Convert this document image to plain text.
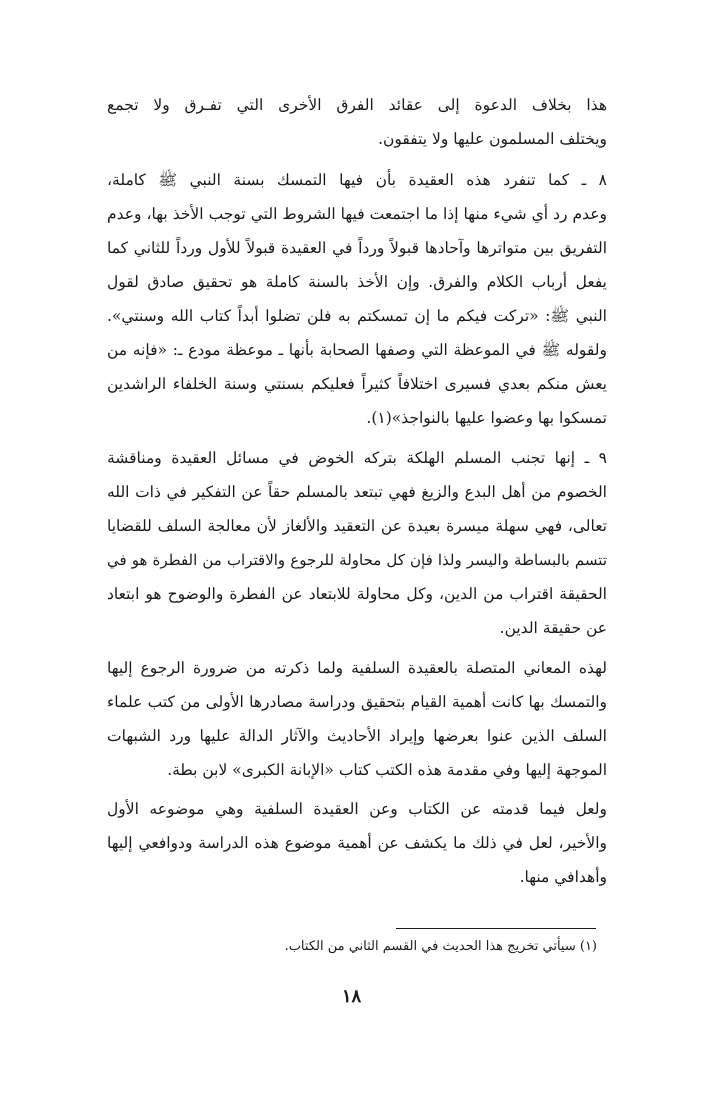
هذا بخلاف الدعوة إلى عقائد الفرق الأخرى التي تفـرق ولا تجمع
ويختلف المسلمون عليها ولا يتفقون.
٨ ـ كما تنفرد هذه العقيدة بأن فيها التمسك بسنة النبي ﷺ كاملة،
وعدم رد أي شيء منها إذا ما اجتمعت فيها الشروط التي توجب الأخذ بها، وعدم
التفريق بين متواترها وآحادها قبولاً ورداً في العقيدة قبولاً للأول ورداً للثاني كما
يفعل أرباب الكلام والفرق. وإن الأخذ بالسنة كاملة هو تحقيق صادق لقول
النبي ﷺ: «تركت فيكم ما إن تمسكتم به فلن تضلوا أبداً كتاب الله وسنتي».
ولقوله ﷺ في الموعظة التي وصفها الصحابة بأنها ـ موعظة مودع ـ: «فإنه من
يعش منكم بعدي فسيرى اختلافاً كثيراً فعليكم بسنتي وسنة الخلفاء الراشدين
تمسكوا بها وعضوا عليها بالنواجذ»(١).
٩ ـ إنها تجنب المسلم الهلكة بتركه الخوض في مسائل العقيدة ومناقشة
الخصوم من أهل البدع والزيغ فهي تبتعد بالمسلم حقاً عن التفكير في ذات الله
تعالى، فهي سهلة ميسرة بعيدة عن التعقيد والألغاز لأن معالجة السلف للقضايا
تتسم بالبساطة واليسر ولذا فإن كل محاولة للرجوع والاقتراب من الفطرة هو في
الحقيقة اقتراب من الدين، وكل محاولة للابتعاد عن الفطرة والوضوح هو ابتعاد
عن حقيقة الدين.
لهذه المعاني المتصلة بالعقيدة السلفية ولما ذكرته من ضرورة الرجوع إليها
والتمسك بها كانت أهمية القيام بتحقيق ودراسة مصادرها الأولى من كتب علماء
السلف الذين عنوا بعرضها وإيراد الأحاديث والآثار الدالة عليها ورد الشبهات
الموجهة إليها وفي مقدمة هذه الكتب كتاب «الإبانة الكبرى» لابن بطة.
ولعل فيما قدمته عن الكتاب وعن العقيدة السلفية وهي موضوعه الأول
والأخير، لعل في ذلك ما يكشف عن أهمية موضوع هذه الدراسة ودوافعي إليها
وأهدافي منها.
(١) سيأتي تخريج هذا الحديث في القسم الثاني من الكتاب.
١٨
